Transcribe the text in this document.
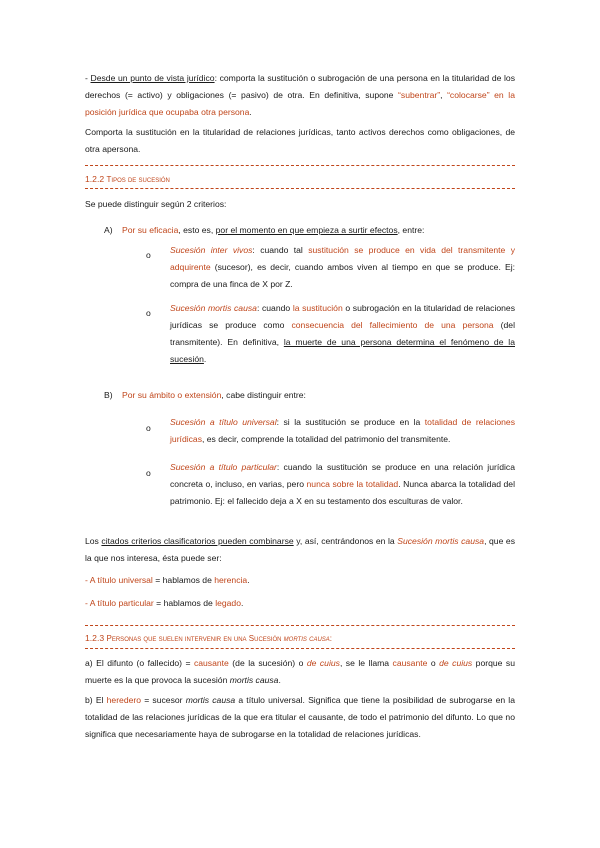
- Desde un punto de vista jurídico: comporta la sustitución o subrogación de una persona en la titularidad de los derechos (= activo) y obligaciones (= pasivo) de otra. En definitiva, supone “subentrar”, “colocarse” en la posición jurídica que ocupaba otra persona.

Comporta la sustitución en la titularidad de relaciones jurídicas, tanto activos derechos como obligaciones, de otra apersona.

1.2.2 Tipos de sucesión

Se puede distinguir según 2 criterios:

A) Por su eficacia, esto es, por el momento en que empieza a surtir efectos, entre:

o Sucesión inter vivos: cuando tal sustitución se produce en vida del transmitente y adquirente (sucesor), es decir, cuando ambos viven al tiempo en que se produce. Ej: compra de una finca de X por Z.

o Sucesión mortis causa: cuando la sustitución o subrogación en la titularidad de relaciones jurídicas se produce como consecuencia del fallecimiento de una persona (del transmitente). En definitiva, la muerte de una persona determina el fenómeno de la sucesión.

B) Por su ámbito o extensión, cabe distinguir entre:

o

Sucesión a título universal: si la sustitución se produce en la totalidad de relaciones jurídicas, es decir, comprende la totalidad del patrimonio del transmitente.

o

Sucesión a título particular: cuando la sustitución se produce en una relación jurídica concreta o, incluso, en varias, pero nunca sobre la totalidad. Nunca abarca la totalidad del patrimonio. Ej: el fallecido deja a X en su testamento dos esculturas de valor.

Los citados criterios clasificatorios pueden combinarse y, así, centrándonos en la Sucesión mortis causa, que es la que nos interesa, ésta puede ser:

- A título universal = hablamos de herencia.

- A título particular = hablamos de legado.

1.2.3 Personas que suelen intervenir en una Sucesión mortis causa:

a) El difunto (o fallecido) = causante (de la sucesión) o de cuius, se le llama causante o de cuius porque su muerte es la que provoca la sucesión mortis causa.

b) El heredero = sucesor mortis causa a título universal. Significa que tiene la posibilidad de subrogarse en la totalidad de las relaciones jurídicas de la que era titular el causante, de todo el patrimonio del difunto. Lo que no significa que necesariamente haya de subrogarse en la totalidad de relaciones jurídicas.
